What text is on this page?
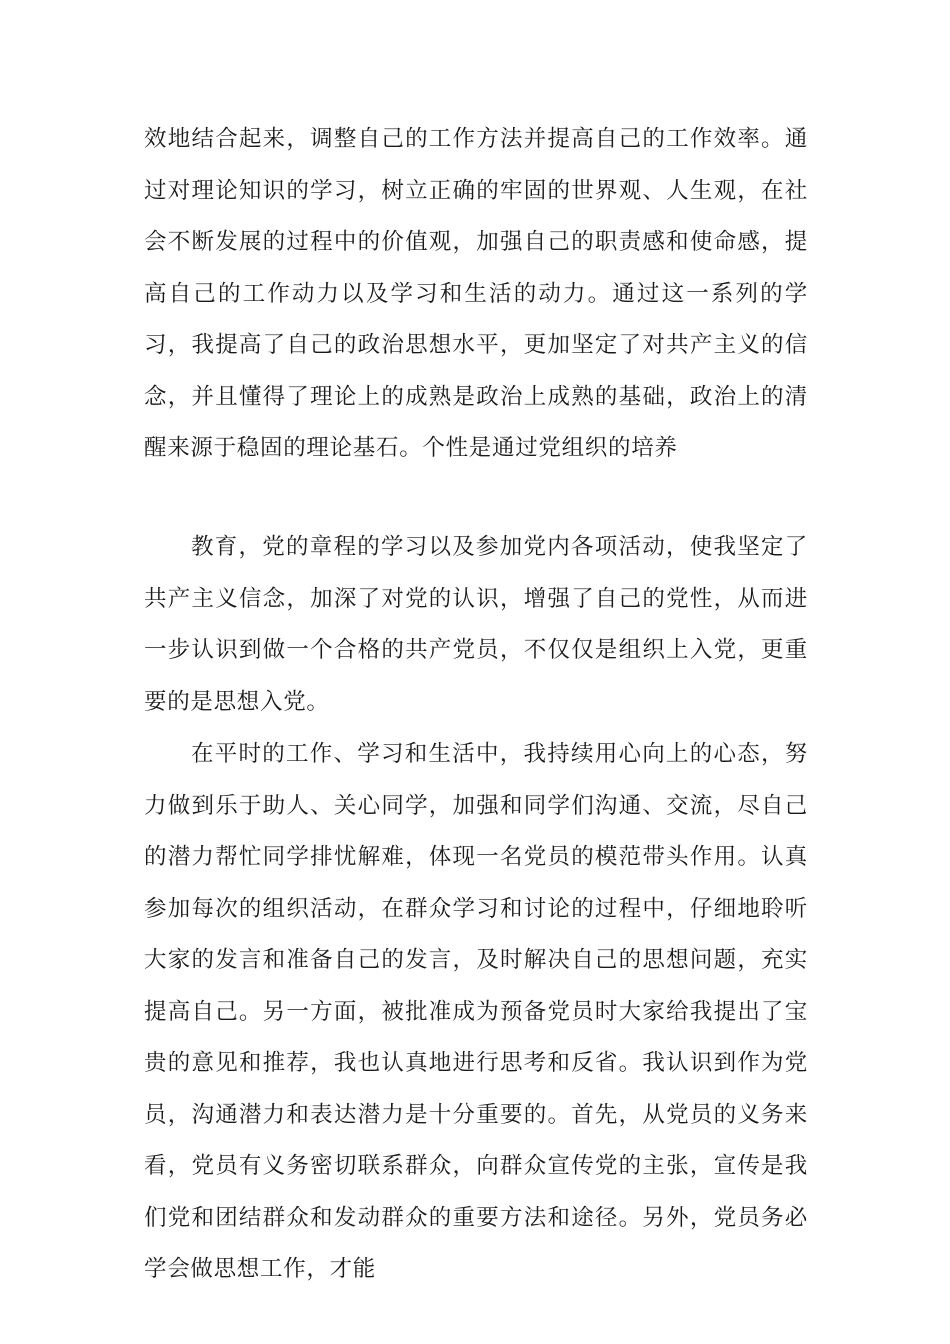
效地结合起来，调整自己的工作方法并提高自己的工作效率。通过对理论知识的学习，树立正确的牢固的世界观、人生观，在社会不断发展的过程中的价值观，加强自己的职责感和使命感，提高自己的工作动力以及学习和生活的动力。通过这一系列的学习，我提高了自己的政治思想水平，更加坚定了对共产主义的信念，并且懂得了理论上的成熟是政治上成熟的基础，政治上的清醒来源于稳固的理论基石。个性是通过党组织的培养

教育，党的章程的学习以及参加党内各项活动，使我坚定了共产主义信念，加深了对党的认识，增强了自己的党性，从而进一步认识到做一个合格的共产党员，不仅仅是组织上入党，更重要的是思想入党。

在平时的工作、学习和生活中，我持续用心向上的心态，努力做到乐于助人、关心同学，加强和同学们沟通、交流，尽自己的潜力帮忙同学排忧解难，体现一名党员的模范带头作用。认真参加每次的组织活动，在群众学习和讨论的过程中，仔细地聆听大家的发言和准备自己的发言，及时解决自己的思想问题，充实提高自己。另一方面，被批准成为预备党员时大家给我提出了宝贵的意见和推荐，我也认真地进行思考和反省。我认识到作为党员，沟通潜力和表达潜力是十分重要的。首先，从党员的义务来看，党员有义务密切联系群众，向群众宣传党的主张，宣传是我们党和团结群众和发动群众的重要方法和途径。另外，党员务必学会做思想工作，才能
